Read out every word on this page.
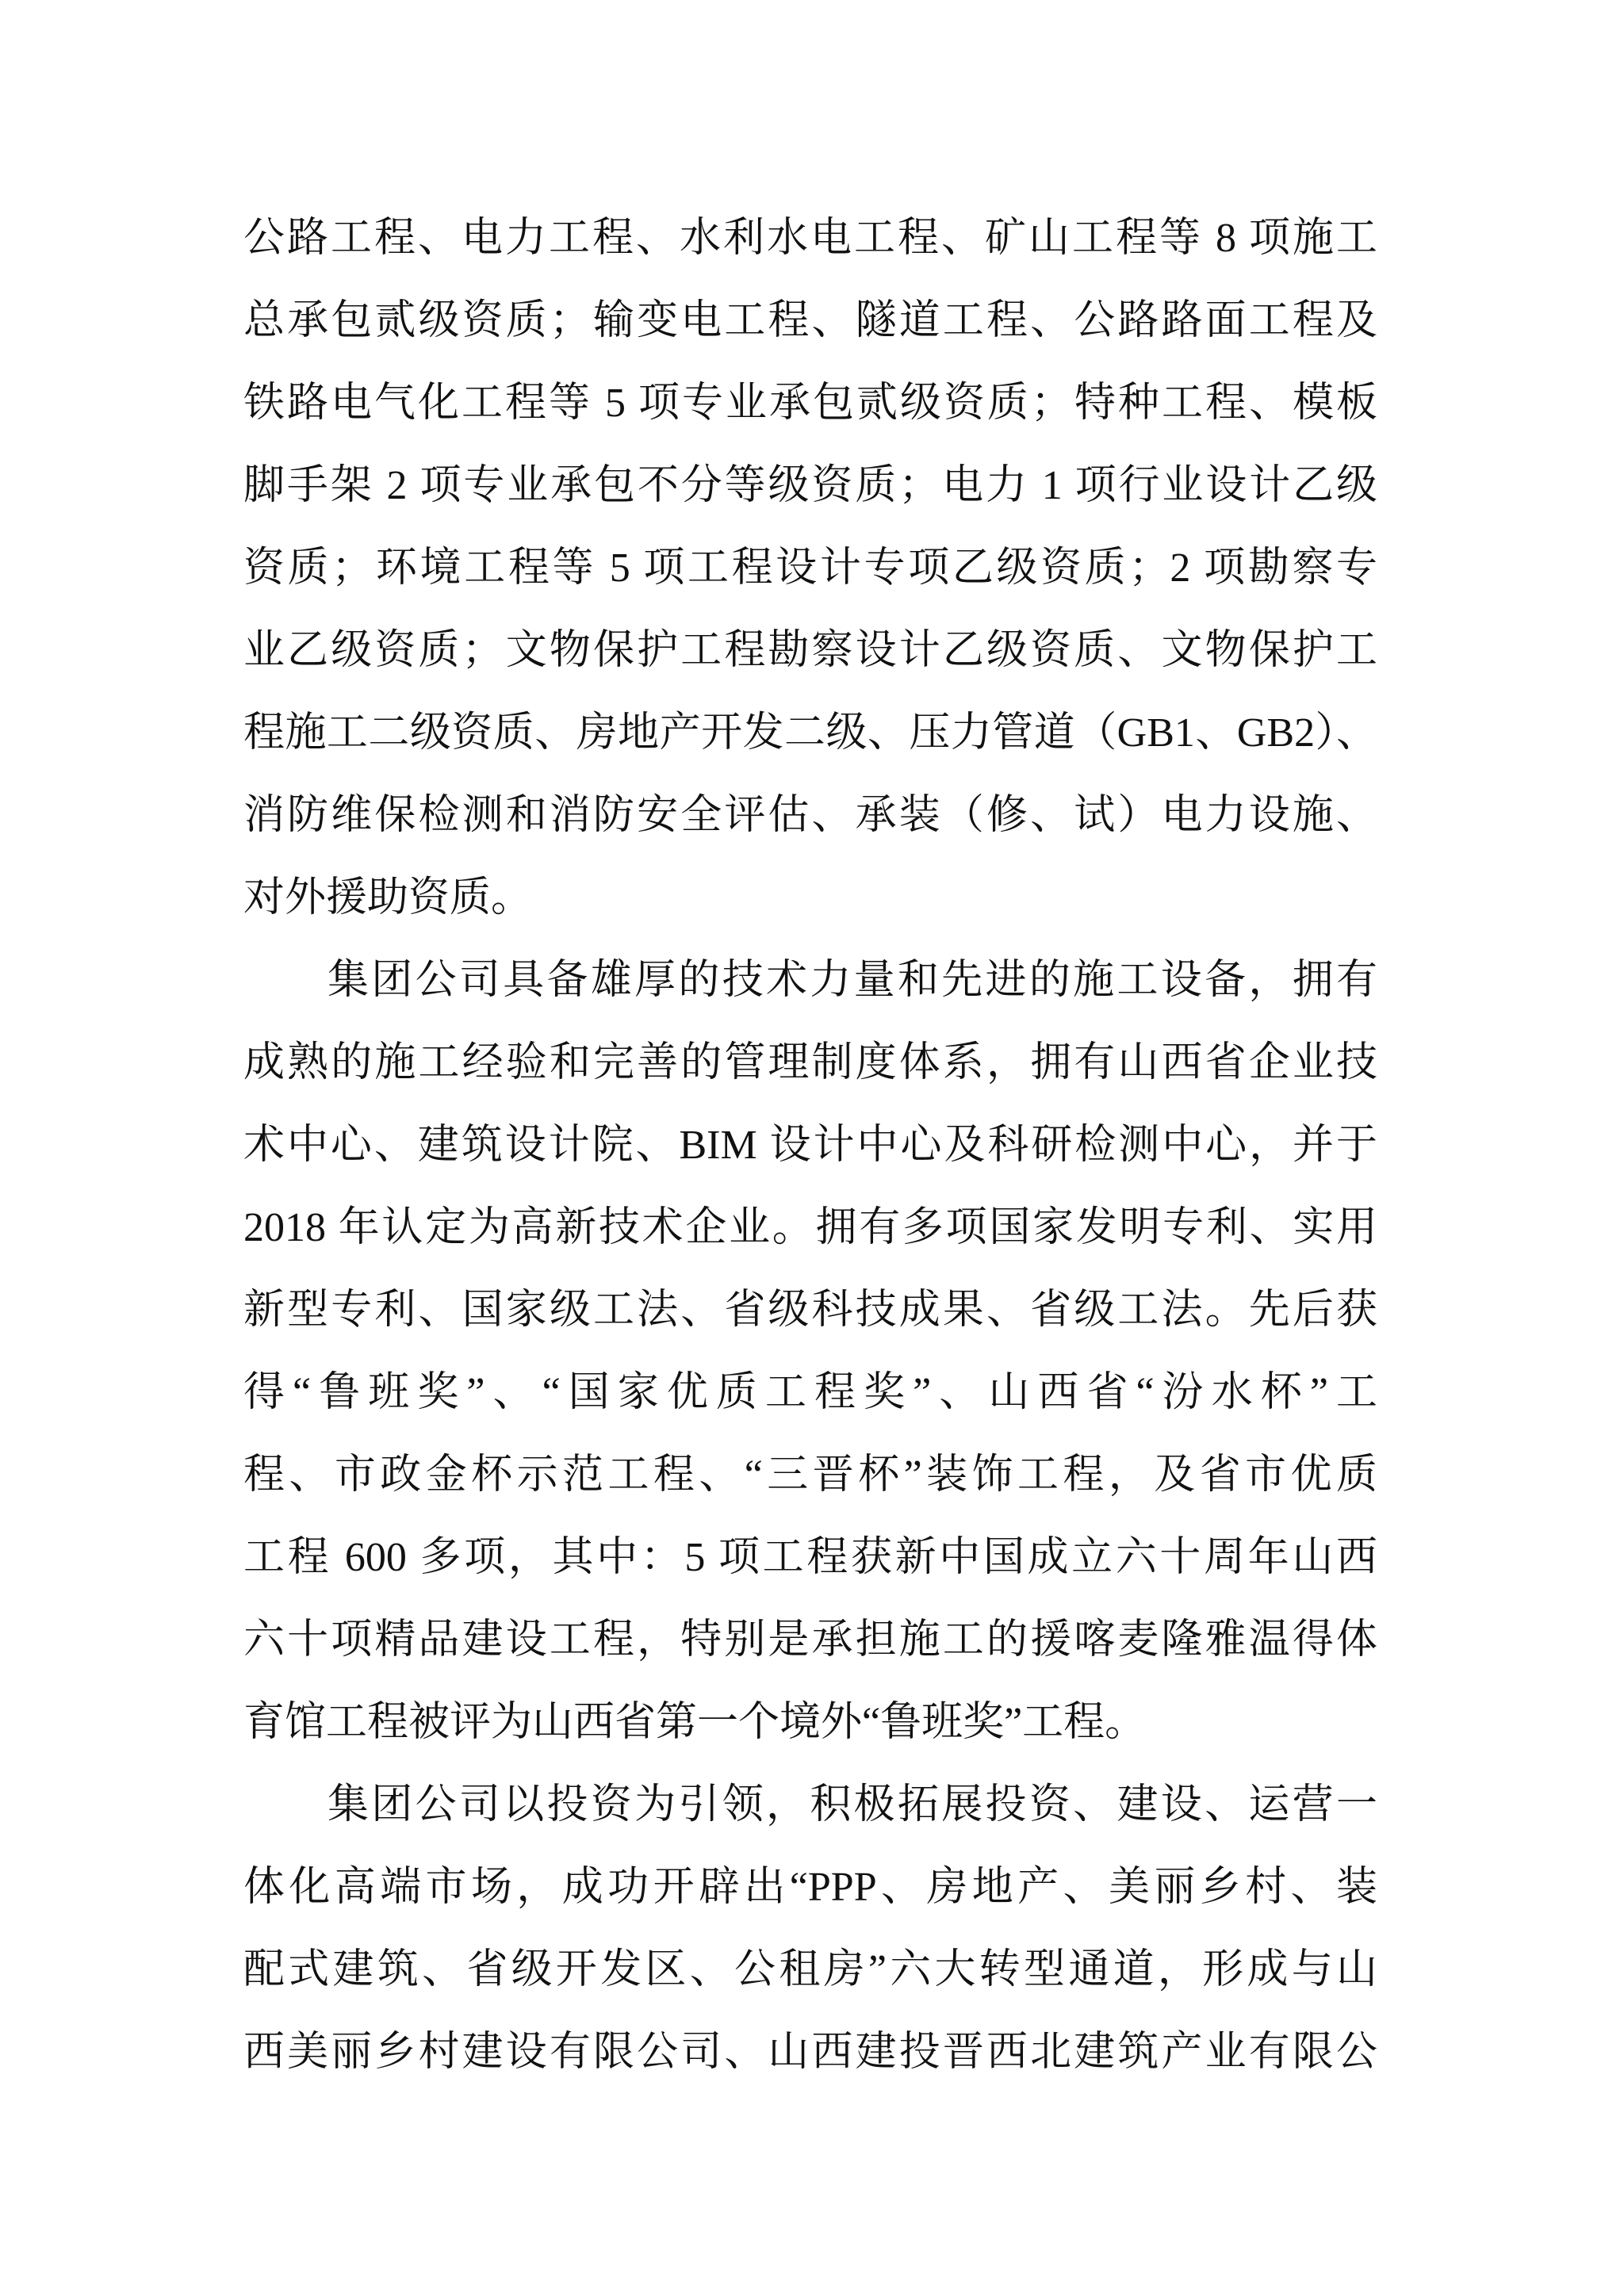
公路工程、电力工程、水利水电工程、矿山工程等 8 项施工
总承包贰级资质；输变电工程、隧道工程、公路路面工程及
铁路电气化工程等 5 项专业承包贰级资质；特种工程、模板
脚手架 2 项专业承包不分等级资质；电力 1 项行业设计乙级
资质；环境工程等 5 项工程设计专项乙级资质；2 项勘察专
业乙级资质；文物保护工程勘察设计乙级资质、文物保护工
程施工二级资质、房地产开发二级、压力管道（GB1、GB2）、
消防维保检测和消防安全评估、承装（修、试）电力设施、
对外援助资质。
集团公司具备雄厚的技术力量和先进的施工设备，拥有
成熟的施工经验和完善的管理制度体系，拥有山西省企业技
术中心、建筑设计院、BIM 设计中心及科研检测中心，并于
2018 年认定为高新技术企业。拥有多项国家发明专利、实用
新型专利、国家级工法、省级科技成果、省级工法。先后获
得“鲁班奖”、“国家优质工程奖”、山西省“汾水杯”工
程、市政金杯示范工程、“三晋杯”装饰工程，及省市优质
工程 600 多项，其中：5 项工程获新中国成立六十周年山西
六十项精品建设工程，特别是承担施工的援喀麦隆雅温得体
育馆工程被评为山西省第一个境外“鲁班奖”工程。
集团公司以投资为引领，积极拓展投资、建设、运营一
体化高端市场，成功开辟出“PPP、房地产、美丽乡村、装
配式建筑、省级开发区、公租房”六大转型通道，形成与山
西美丽乡村建设有限公司、山西建投晋西北建筑产业有限公
